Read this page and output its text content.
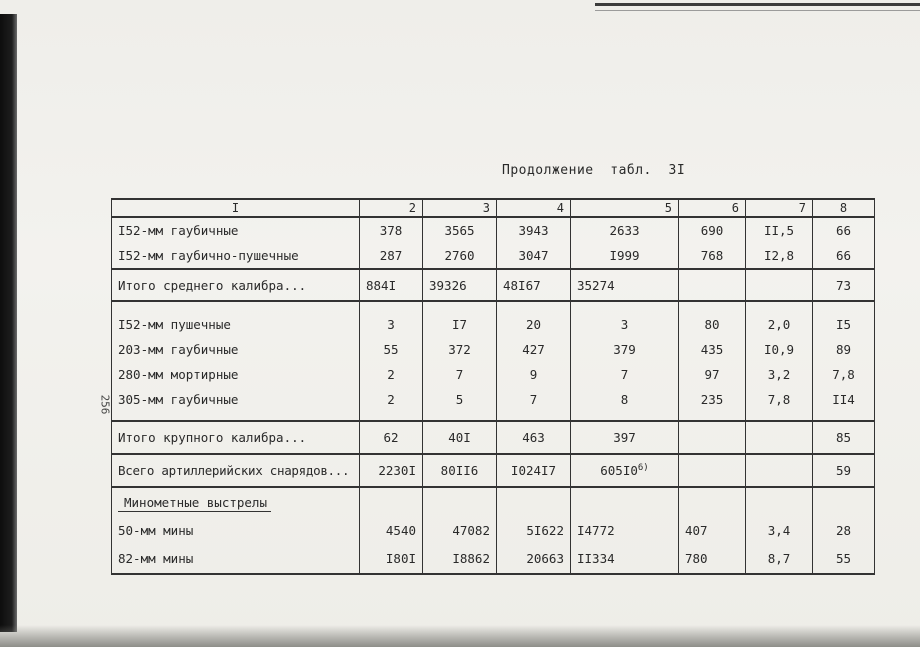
Продолжение  табл.  3I
256
I	2	3	4	5	6	7	8
I52-мм гаубичные	378	3565	3943	2633	690	II,5	66
I52-мм гаубично-пушечные	287	2760	3047	I999	768	I2,8	66
Итого среднего калибра...	884I	39326	48I67	35274			73
I52-мм пушечные	3	I7	20	3	80	2,0	I5
203-мм гаубичные	55	372	427	379	435	I0,9	89
280-мм мортирные	2	7	9	7	97	3,2	7,8
305-мм гаубичные	2	5	7	8	235	7,8	II4
Итого крупного калибра...	62	40I	463	397			85
Всего артиллерийских снарядов...	2230I	80II6	I024I7	605I0$^{6)}$			59
Минометные выстрелы							
50-мм мины	4540	47082	5I622	I4772	407	3,4	28
82-мм мины	I80I	I8862	20663	II334	780	8,7	55
